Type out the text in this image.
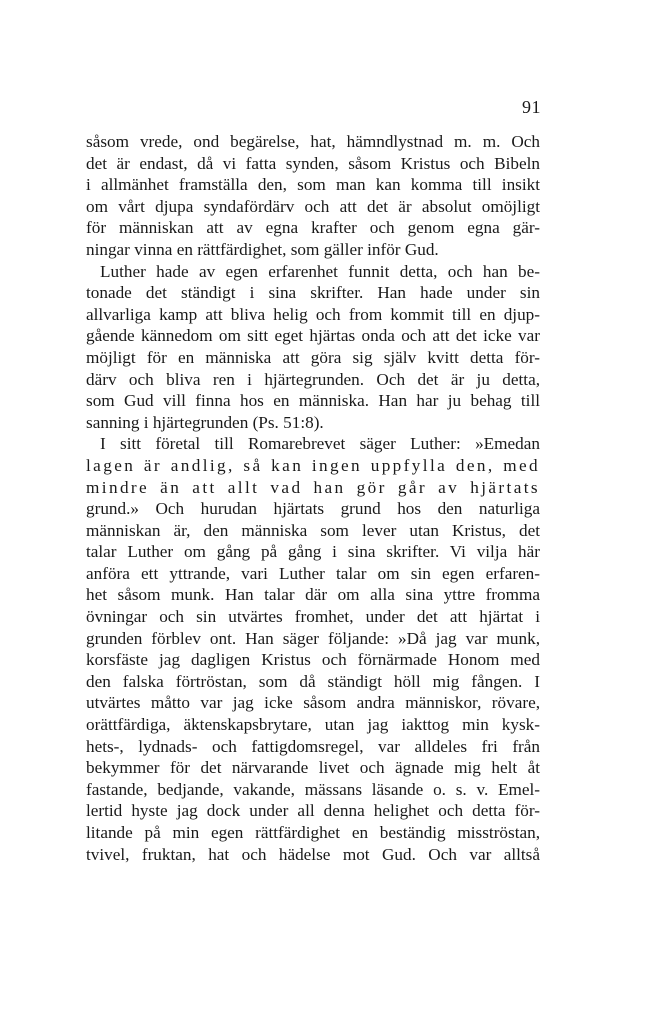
91
såsom vrede, ond begärelse, hat, hämndlystnad m. m. Och
det är endast, då vi fatta synden, såsom Kristus och Bibeln
i allmänhet framställa den, som man kan komma till insikt
om vårt djupa syndafördärv och att det är absolut omöjligt
för människan att av egna krafter och genom egna gär-
ningar vinna en rättfärdighet, som gäller inför Gud.
Luther hade av egen erfarenhet funnit detta, och han be-
tonade det ständigt i sina skrifter. Han hade under sin
allvarliga kamp att bliva helig och from kommit till en djup-
gående kännedom om sitt eget hjärtas onda och att det icke var
möjligt för en människa att göra sig själv kvitt detta för-
därv och bliva ren i hjärtegrunden. Och det är ju detta,
som Gud vill finna hos en människa. Han har ju behag till
sanning i hjärtegrunden (Ps. 51:8).
I sitt företal till Romarebrevet säger Luther: »Emedan
lagen är andlig, så kan ingen uppfylla den, med
mindre än att allt vad han gör går av hjärtats
grund.» Och hurudan hjärtats grund hos den naturliga
människan är, den människa som lever utan Kristus, det
talar Luther om gång på gång i sina skrifter. Vi vilja här
anföra ett yttrande, vari Luther talar om sin egen erfaren-
het såsom munk. Han talar där om alla sina yttre fromma
övningar och sin utvärtes fromhet, under det att hjärtat i
grunden förblev ont. Han säger följande: »Då jag var munk,
korsfäste jag dagligen Kristus och förnärmade Honom med
den falska förtröstan, som då ständigt höll mig fången. I
utvärtes måtto var jag icke såsom andra människor, rövare,
orättfärdiga, äktenskapsbrytare, utan jag iakttog min kysk-
hets-, lydnads- och fattigdomsregel, var alldeles fri från
bekymmer för det närvarande livet och ägnade mig helt åt
fastande, bedjande, vakande, mässans läsande o. s. v. Emel-
lertid hyste jag dock under all denna helighet och detta för-
litande på min egen rättfärdighet en beständig misströstan,
tvivel, fruktan, hat och hädelse mot Gud. Och var alltså
